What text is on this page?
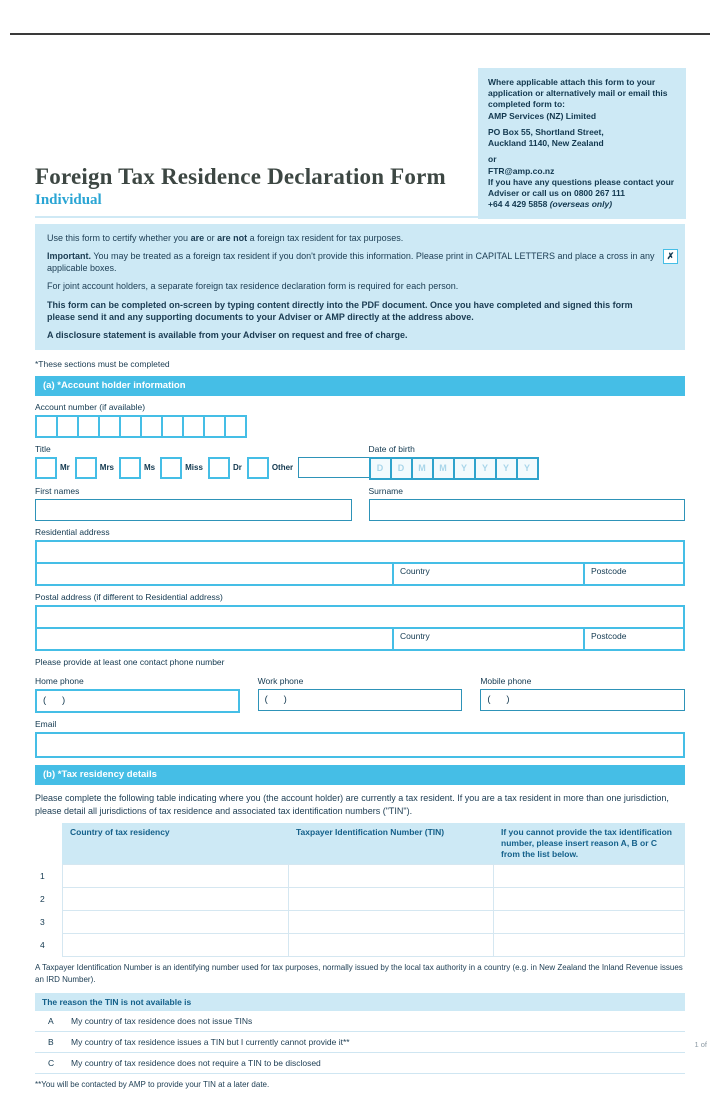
Where applicable attach this form to your application or alternatively mail or email this completed form to:

AMP Services (NZ) Limited

PO Box 55, Shortland Street,

Auckland 1140, New Zealand

or

FTR@amp.co.nz

If you have any questions please contact your Adviser or call us on 0800 267 111

+64 4 429 5858 (overseas only)

Foreign Tax Residence Declaration Form
Individual

Use this form to certify whether you are or are not a foreign tax resident for tax purposes.

Important. You may be treated as a foreign tax resident if you don't provide this information. Please print in CAPITAL LETTERS and place a cross in any applicable boxes.

✗

For joint account holders, a separate foreign tax residence declaration form is required for each person.

This form can be completed on-screen by typing content directly into the PDF document. Once you have completed and signed this form please send it and any supporting documents to your Adviser or AMP directly at the address above.

A disclosure statement is available from your Adviser on request and free of charge.

*These sections must be completed
(a) *Account holder information
Account number (if available)
Title
Mr	Mrs	Ms	Miss	Dr	Other
Date of birth
D	D	M	M	Y	Y	Y	Y
First names	Surname
Residential address
Country	Postcode
Postal address (if different to Residential address)
Country	Postcode
Please provide at least one contact phone number
Home phone
(      )
Work phone
(      )
Mobile phone
(      )
Email
(b) *Tax residency details

Please complete the following table indicating where you (the account holder) are currently a tax resident. If you are a tax resident in more than one jurisdiction, please detail all jurisdictions of tax residence and associated tax identification numbers ("TIN").

	Country of tax residency	Taxpayer Identification Number (TIN)	If you cannot provide the tax identification number, please insert reason A, B or C from the list below.
1			
2			
3			
4			

A Taxpayer Identification Number is an identifying number used for tax purposes, normally issued by the local tax authority in a country (e.g. in New Zealand the Inland Revenue issues an IRD Number).

The reason the TIN is not available is
A	My country of tax residence does not issue TINs
B	My country of tax residence issues a TIN but I currently cannot provide it**
C	My country of tax residence does not require a TIN to be disclosed

**You will be contacted by AMP to provide your TIN at a later date.

1 of
